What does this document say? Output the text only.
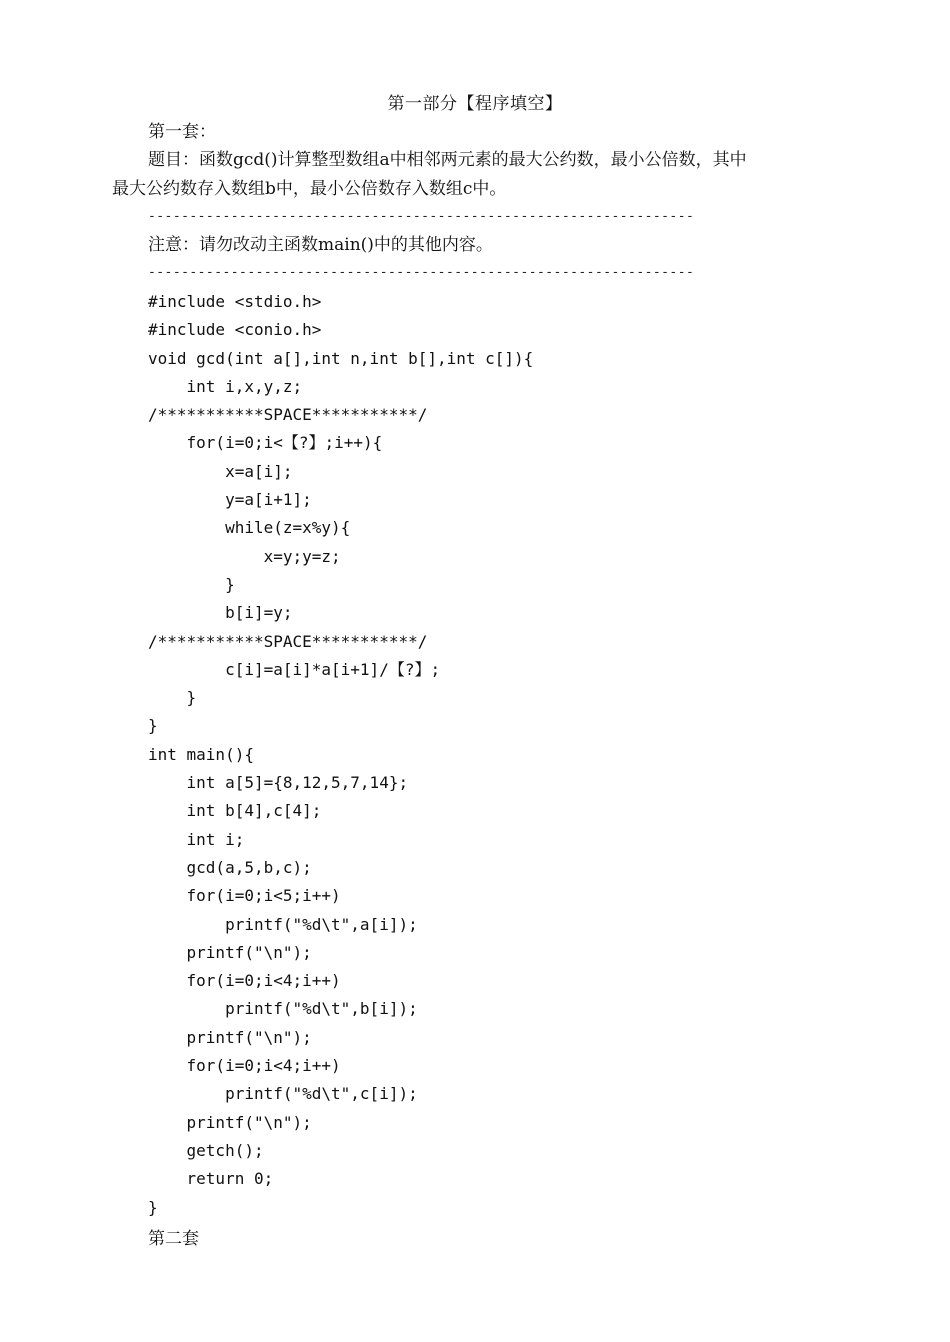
第一部分【程序填空】
第一套：
题目：函数gcd()计算整型数组a中相邻两元素的最大公约数，最小公倍数，其中
最大公约数存入数组b中，最小公倍数存入数组c中。
------------------------------------------------------------------
注意：请勿改动主函数main()中的其他内容。
------------------------------------------------------------------
#include <stdio.h>
#include <conio.h>
void gcd(int a[],int n,int b[],int c[]){
int i,x,y,z;
/***********SPACE***********/
for(i=0;i<【?】;i++){
x=a[i];
y=a[i+1];
while(z=x%y){
x=y;y=z;
}
b[i]=y;
/***********SPACE***********/
c[i]=a[i]*a[i+1]/【?】;
}
}
int main(){
int a[5]={8,12,5,7,14};
int b[4],c[4];
int i;
gcd(a,5,b,c);
for(i=0;i<5;i++)
printf("%d\t",a[i]);
printf("\n");
for(i=0;i<4;i++)
printf("%d\t",b[i]);
printf("\n");
for(i=0;i<4;i++)
printf("%d\t",c[i]);
printf("\n");
getch();
return 0;
}
第二套
